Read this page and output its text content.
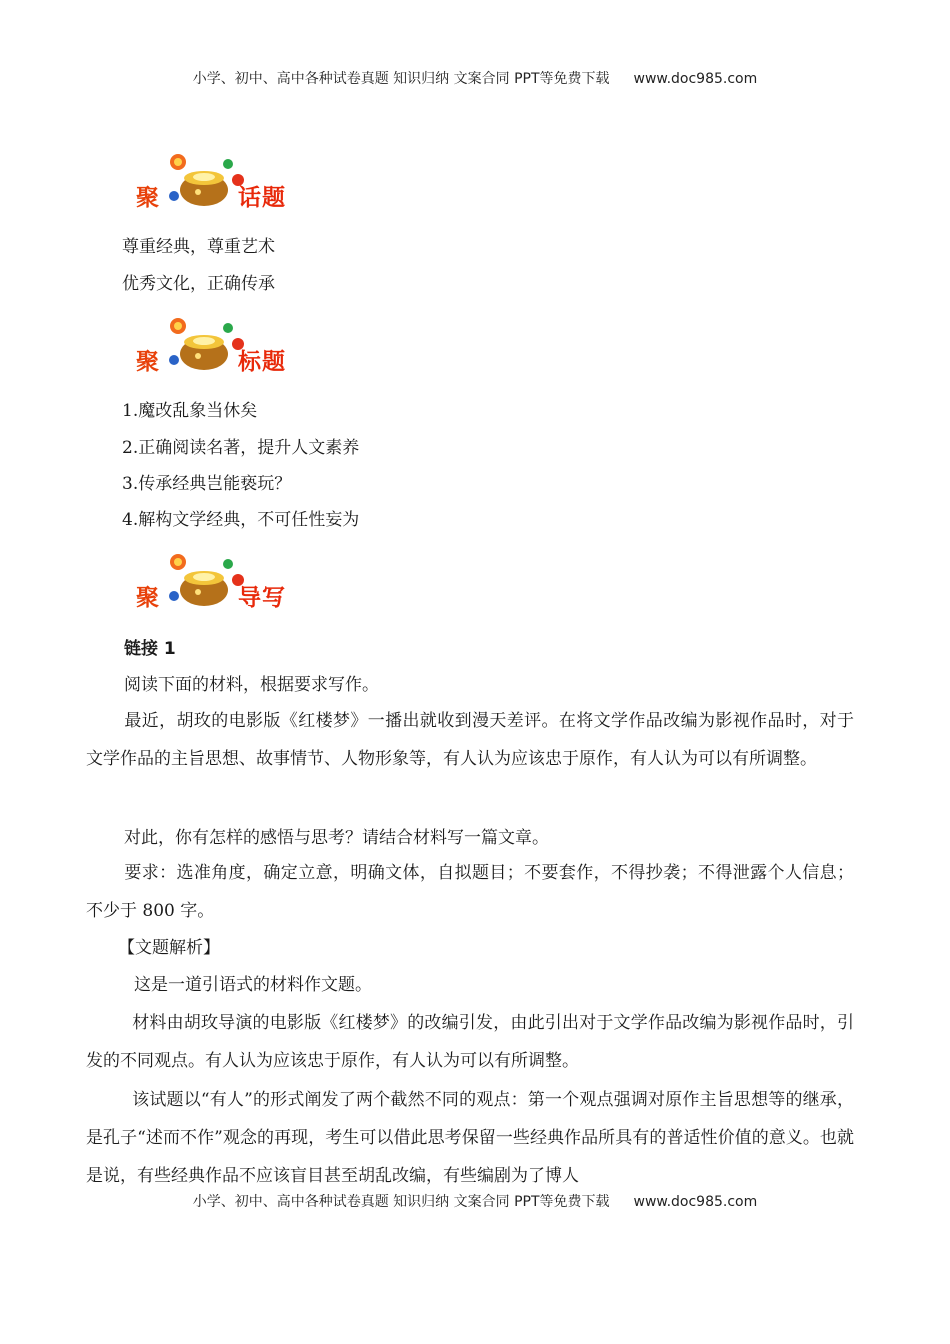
小学、初中、高中各种试卷真题 知识归纳 文案合同 PPT等免费下载 www.doc985.com
聚	话题
尊重经典，尊重艺术
优秀文化，正确传承
聚	标题
1.魔改乱象当休矣
2.正确阅读名著，提升人文素养
3.传承经典岂能亵玩？
4.解构文学经典，不可任性妄为
聚	导写
链接 1
阅读下面的材料，根据要求写作。
最近，胡玫的电影版《红楼梦》一播出就收到漫天差评。在将文学作品改编为影视作品时，对于文学作品的主旨思想、故事情节、人物形象等，有人认为应该忠于原作，有人认为可以有所调整。
对此，你有怎样的感悟与思考？请结合材料写一篇文章。
要求：选准角度，确定立意，明确文体，自拟题目；不要套作，不得抄袭；不得泄露个人信息；不少于 800 字。
【文题解析】
这是一道引语式的材料作文题。
材料由胡玫导演的电影版《红楼梦》的改编引发，由此引出对于文学作品改编为影视作品时，引发的不同观点。有人认为应该忠于原作，有人认为可以有所调整。
该试题以“有人”的形式阐发了两个截然不同的观点：第一个观点强调对原作主旨思想等的继承，是孔子“述而不作”观念的再现，考生可以借此思考保留一些经典作品所具有的普适性价值的意义。也就是说，有些经典作品不应该盲目甚至胡乱改编，有些编剧为了博人
小学、初中、高中各种试卷真题 知识归纳 文案合同 PPT等免费下载 www.doc985.com
